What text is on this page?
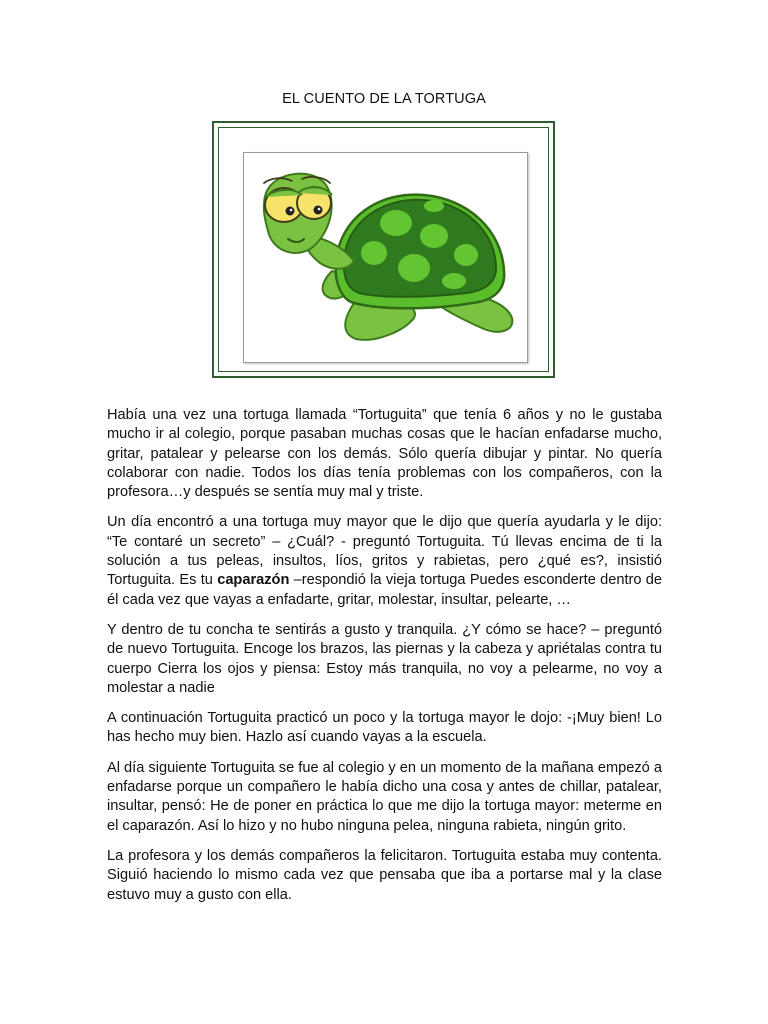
EL CUENTO DE LA TORTUGA

Había una vez una tortuga llamada “Tortuguita” que tenía 6 años y no le gustaba mucho ir al colegio, porque pasaban muchas cosas que le hacían enfadarse mucho, gritar, patalear y pelearse con los demás. Sólo quería dibujar y pintar. No quería colaborar con nadie. Todos los días tenía problemas con los compañeros, con la profesora…y después se sentía muy mal y triste.

Un día encontró a una tortuga muy mayor que le dijo que quería ayudarla y le dijo: “Te contaré un secreto” – ¿Cuál? - preguntó Tortuguita. Tú llevas encima de ti la solución a tus peleas, insultos, líos, gritos y rabietas, pero ¿qué es?, insistió Tortuguita. Es tu caparazón –respondió la vieja tortuga Puedes esconderte dentro de él cada vez que vayas a enfadarte, gritar, molestar, insultar, pelearte, …

Y dentro de tu concha te sentirás a gusto y tranquila. ¿Y cómo se hace? – preguntó de nuevo Tortuguita. Encoge los brazos, las piernas y la cabeza y apriétalas contra tu cuerpo Cierra los ojos y piensa: Estoy más tranquila, no voy a pelearme, no voy a molestar a nadie

A continuación Tortuguita practicó un poco y la tortuga mayor le dojo: -¡Muy bien! Lo has hecho muy bien. Hazlo así cuando vayas a la escuela.

Al día siguiente Tortuguita se fue al colegio y en un momento de la mañana empezó a enfadarse porque un compañero le había dicho una cosa y antes de chillar, patalear, insultar, pensó: He de poner en práctica lo que me dijo la tortuga mayor: meterme en el caparazón. Así lo hizo y no hubo ninguna pelea, ninguna rabieta, ningún grito.

La profesora y los demás compañeros la felicitaron. Tortuguita estaba muy contenta. Siguió haciendo lo mismo cada vez que pensaba que iba a portarse mal y la clase estuvo muy a gusto con ella.
